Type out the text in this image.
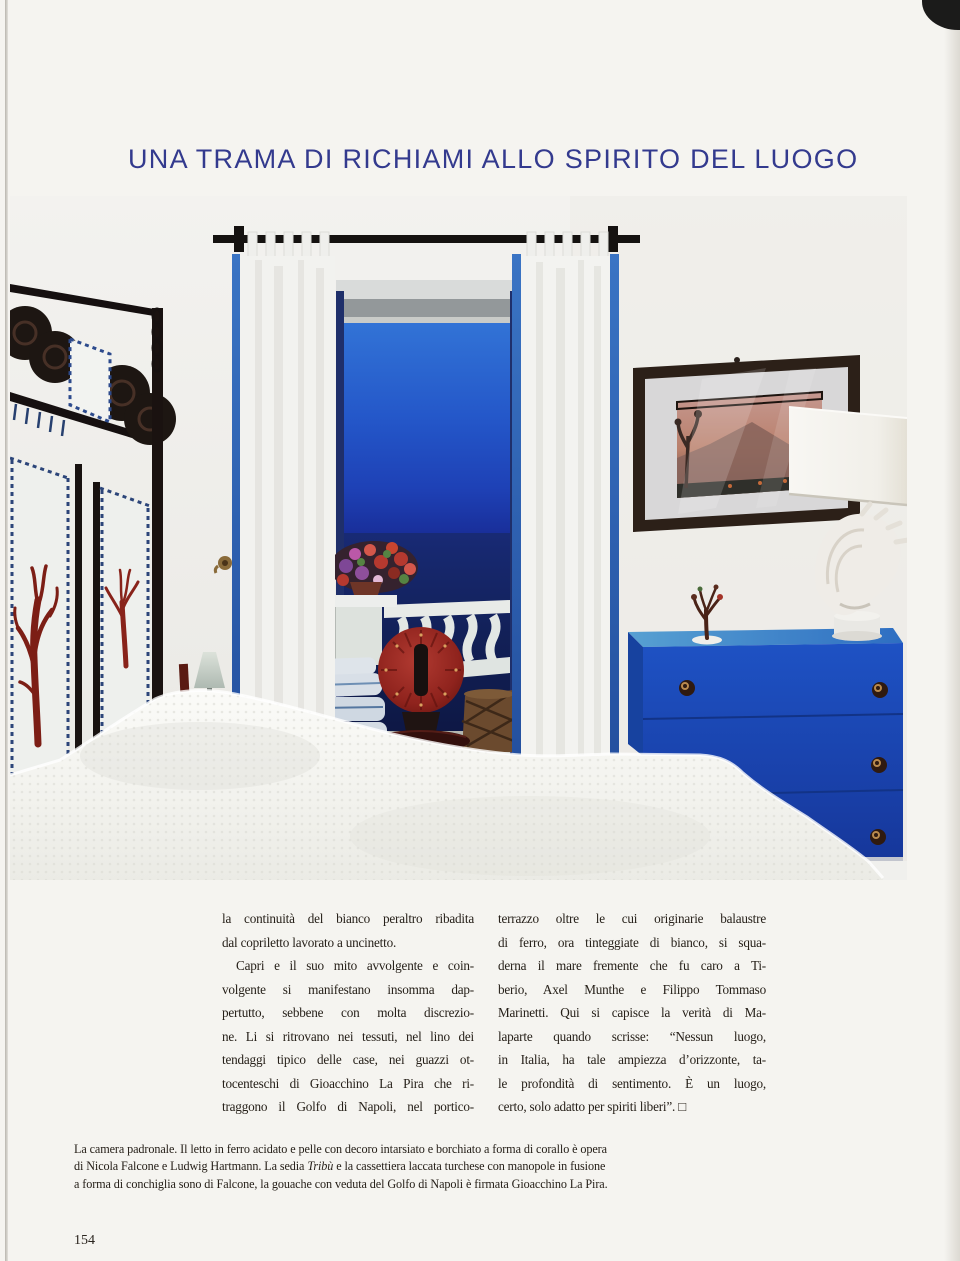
UNA TRAMA DI RICHIAMI ALLO SPIRITO DEL LUOGO
la continuità del bianco peraltro ribadita
dal copriletto lavorato a uncinetto.
Capri e il suo mito avvolgente e coin-
volgente si manifestano insomma dap-
pertutto, sebbene con molta discrezio-
ne. Li si ritrovano nei tessuti, nel lino dei
tendaggi tipico delle case, nei guazzi ot-
tocenteschi di Gioacchino La Pira che ri-
traggono il Golfo di Napoli, nel portico-
terrazzo oltre le cui originarie balaustre
di ferro, ora tinteggiate di bianco, si squa-
derna il mare fremente che fu caro a Ti-
berio, Axel Munthe e Filippo Tommaso
Marinetti. Qui si capisce la verità di Ma-
laparte quando scrisse: “Nessun luogo,
in Italia, ha tale ampiezza d’orizzonte, ta-
le profondità di sentimento. È un luogo,
certo, solo adatto per spiriti liberi”. □
La camera padronale. Il letto in ferro acidato e pelle con decoro intarsiato e borchiato a forma di corallo è opera
di Nicola Falcone e Ludwig Hartmann. La sedia Tribù e la cassettiera laccata turchese con manopole in fusione
a forma di conchiglia sono di Falcone, la gouache con veduta del Golfo di Napoli è firmata Gioacchino La Pira.
154
